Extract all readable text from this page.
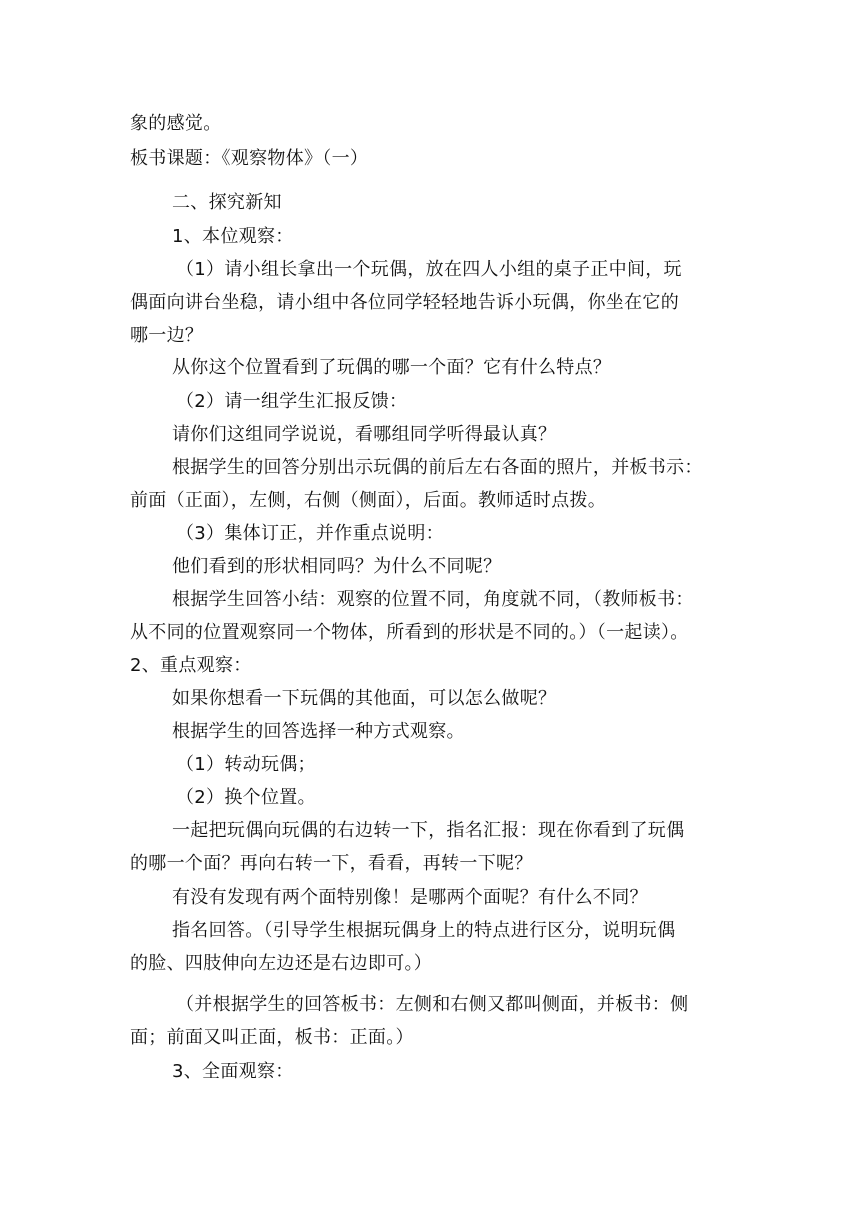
象的感觉。
板书课题：《观察物体》（一）
二、探究新知
1、本位观察：
（1）请小组长拿出一个玩偶，放在四人小组的桌子正中间，玩
偶面向讲台坐稳，请小组中各位同学轻轻地告诉小玩偶，你坐在它的
哪一边？
从你这个位置看到了玩偶的哪一个面？它有什么特点？
（2）请一组学生汇报反馈：
请你们这组同学说说，看哪组同学听得最认真？
根据学生的回答分别出示玩偶的前后左右各面的照片，并板书示：
前面（正面），左侧，右侧（侧面），后面。教师适时点拨。
（3）集体订正，并作重点说明：
他们看到的形状相同吗？为什么不同呢？
根据学生回答小结：观察的位置不同，角度就不同，（教师板书：
从不同的位置观察同一个物体，所看到的形状是不同的。）（一起读）。
2、重点观察：
如果你想看一下玩偶的其他面，可以怎么做呢？
根据学生的回答选择一种方式观察。
（1）转动玩偶；
（2）换个位置。
一起把玩偶向玩偶的右边转一下，指名汇报：现在你看到了玩偶
的哪一个面？再向右转一下，看看，再转一下呢？
有没有发现有两个面特别像！是哪两个面呢？有什么不同？
指名回答。（引导学生根据玩偶身上的特点进行区分，说明玩偶
的脸、四肢伸向左边还是右边即可。）
（并根据学生的回答板书：左侧和右侧又都叫侧面，并板书：侧
面；前面又叫正面，板书：正面。）
3、全面观察：
